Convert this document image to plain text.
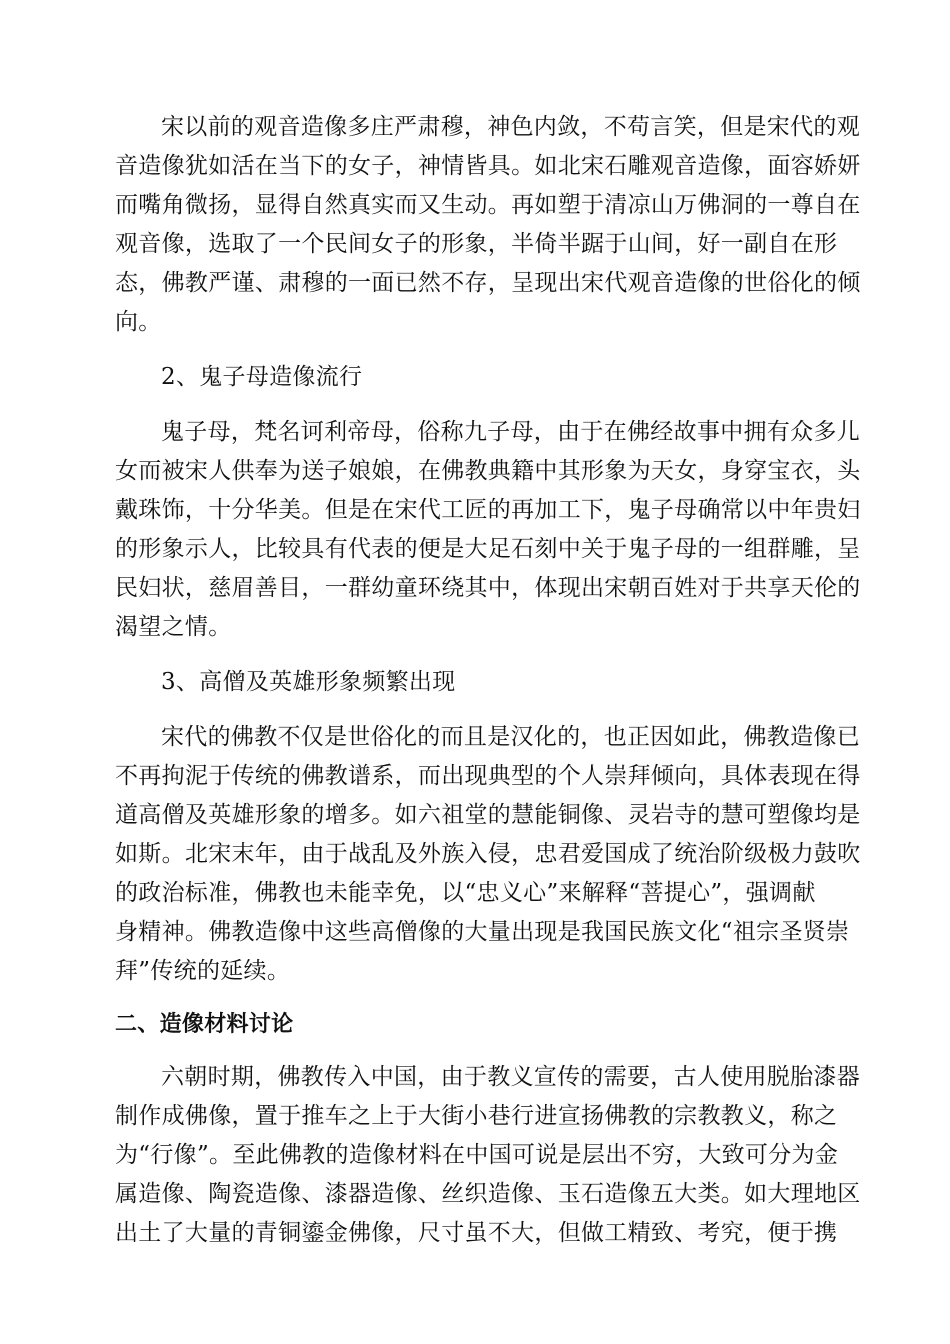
宋以前的观音造像多庄严肃穆，神色内敛，不苟言笑，但是宋代的观
音造像犹如活在当下的女子，神情皆具。如北宋石雕观音造像，面容娇妍
而嘴角微扬，显得自然真实而又生动。再如塑于清凉山万佛洞的一尊自在
观音像，选取了一个民间女子的形象，半倚半踞于山间，好一副自在形
态，佛教严谨、肃穆的一面已然不存，呈现出宋代观音造像的世俗化的倾
向。
2、鬼子母造像流行
鬼子母，梵名诃利帝母，俗称九子母，由于在佛经故事中拥有众多儿
女而被宋人供奉为送子娘娘，在佛教典籍中其形象为天女，身穿宝衣，头
戴珠饰，十分华美。但是在宋代工匠的再加工下，鬼子母确常以中年贵妇
的形象示人，比较具有代表的便是大足石刻中关于鬼子母的一组群雕，呈
民妇状，慈眉善目，一群幼童环绕其中，体现出宋朝百姓对于共享天伦的
渴望之情。
3、高僧及英雄形象频繁出现
宋代的佛教不仅是世俗化的而且是汉化的，也正因如此，佛教造像已
不再拘泥于传统的佛教谱系，而出现典型的个人崇拜倾向，具体表现在得
道高僧及英雄形象的增多。如六祖堂的慧能铜像、灵岩寺的慧可塑像均是
如斯。北宋末年，由于战乱及外族入侵，忠君爱国成了统治阶级极力鼓吹
的政治标准，佛教也未能幸免，以“忠义心”来解释“菩提心”，强调献
身精神。佛教造像中这些高僧像的大量出现是我国民族文化“祖宗圣贤崇
拜”传统的延续。
二、造像材料讨论
六朝时期，佛教传入中国，由于教义宣传的需要，古人使用脱胎漆器
制作成佛像，置于推车之上于大街小巷行进宣扬佛教的宗教教义，称之
为“行像”。至此佛教的造像材料在中国可说是层出不穷，大致可分为金
属造像、陶瓷造像、漆器造像、丝织造像、玉石造像五大类。如大理地区
出土了大量的青铜鎏金佛像，尺寸虽不大，但做工精致、考究，便于携
